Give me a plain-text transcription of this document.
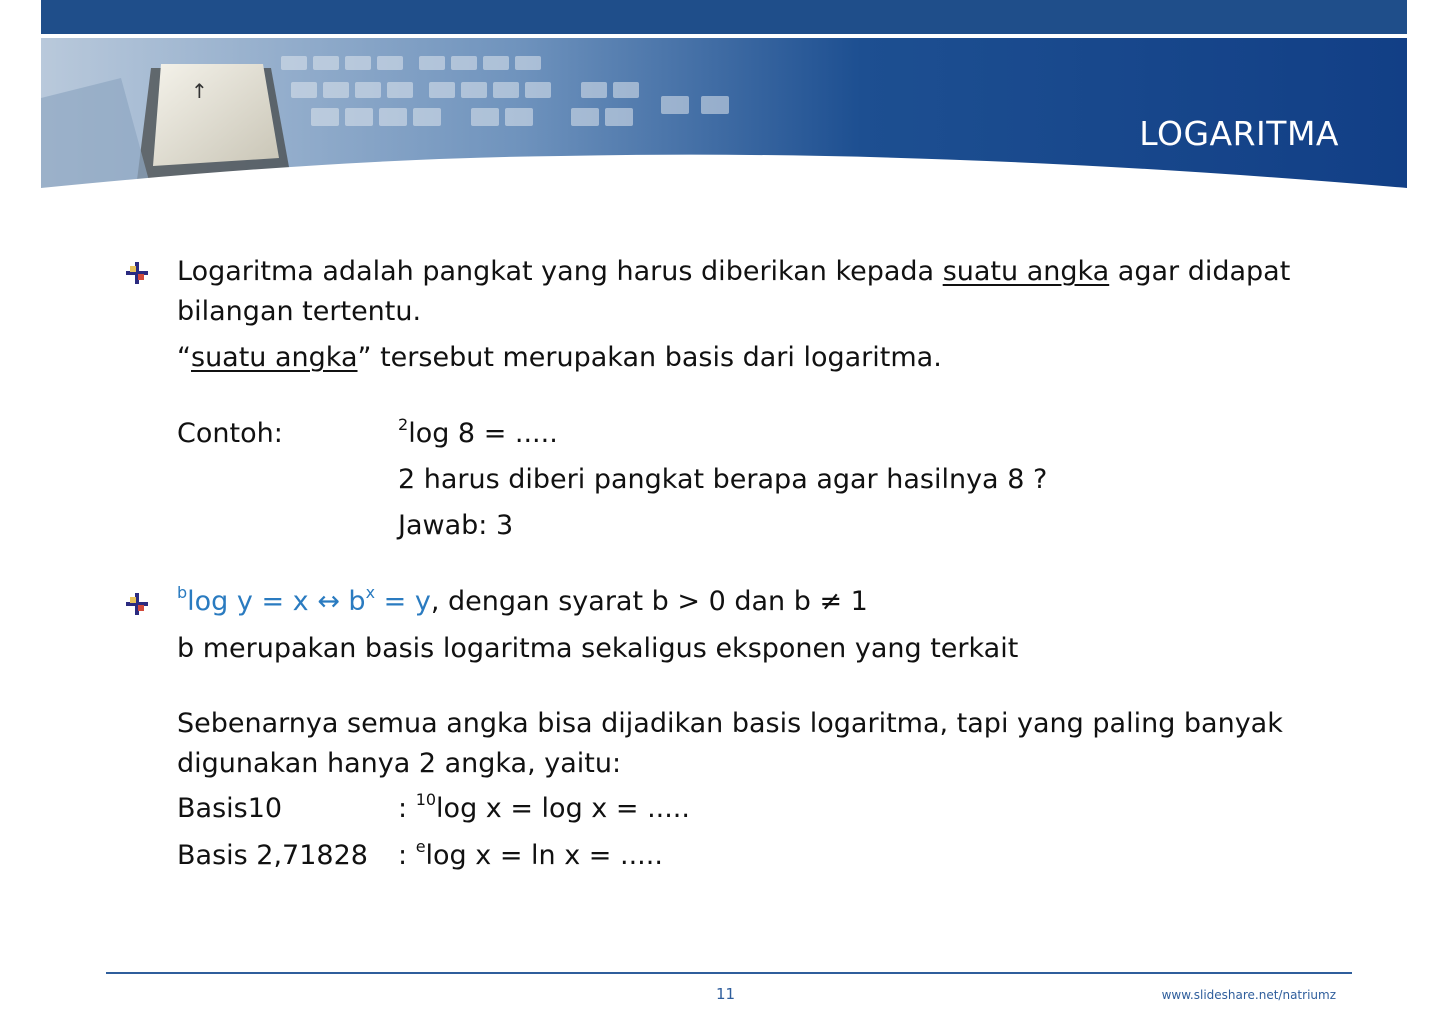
↑
LOGARITMA
Logaritma adalah pangkat yang harus diberikan kepada suatu angka agar didapat
bilangan tertentu.
“suatu angka” tersebut merupakan basis dari logaritma.
Contoh:	$^2$log 8 = .....
2 harus diberi pangkat berapa agar hasilnya 8 ?
Jawab: 3
$^b$log y = x ↔ $b^x = y$, dengan syarat b > 0 dan b ≠ 1
b merupakan basis logaritma sekaligus eksponen yang terkait
Sebenarnya semua angka bisa dijadikan basis logaritma, tapi yang paling banyak
digunakan hanya 2 angka, yaitu:
Basis10	: $^{10}$log x = log x = .....
Basis 2,71828 : $^e$log x = ln x = .....
11	www.slideshare.net/natriumz
